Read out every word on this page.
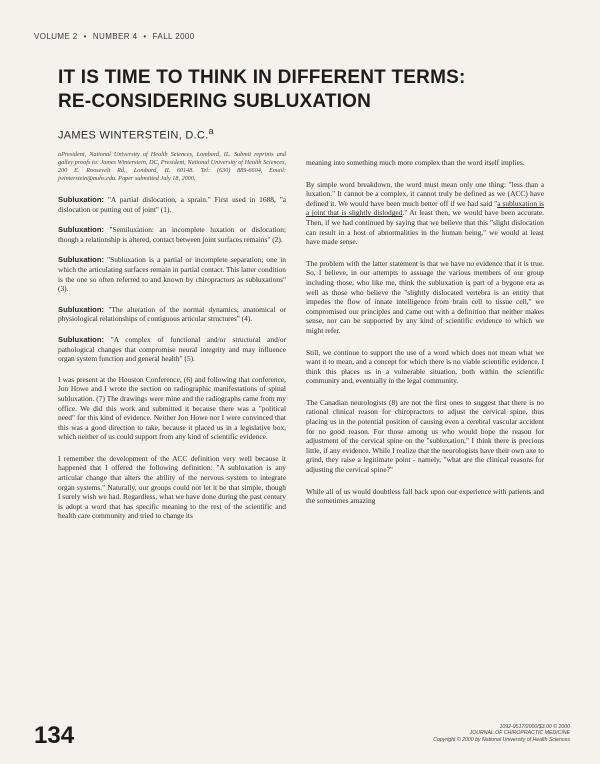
VOLUME 2 • NUMBER 4 • FALL 2000
IT IS TIME TO THINK IN DIFFERENT TERMS:
RE-CONSIDERING SUBLUXATION
JAMES WINTERSTEIN, D.C.$^a$

aPresident, National University of Health Sciences, Lombard, IL. Submit reprints and galley proofs to: James Winterstein, DC, President, National University of Health Sciences, 200 E. Roosevelt Rd., Lombard, IL 60148. Tel: (630) 889-6604, Email: jwinterstein@nuhs.edu. Paper submitted July 18, 2000.

Subluxation: "A partial dislocation, a sprain." First used in 1688, "a dislocation or putting out of joint" (1).

Subluxation: "Semiluxation: an incomplete luxation or dislocation; though a relationship is altered, contact between joint surfaces remains" (2).

Subluxation: "Subluxation is a partial or incomplete separation; one in which the articulating surfaces remain in partial contact. This latter condition is the one so often referred to and known by chiropractors as subluxations" (3).

Subluxation: "The alteration of the normal dynamics, anatomical or physiological relationships of contiguous articular structures" (4).

Subluxation: "A complex of functional and/or structural and/or pathological changes that compromise neural integrity and may influence organ system function and general health" (5).

I was present at the Houston Conference, (6) and following that conference, Jon Howe and I wrote the section on radiographic manifestations of spinal subluxation. (7) The drawings were mine and the radiographs came from my office. We did this work and submitted it because there was a "political need" for this kind of evidence. Neither Jon Howe nor I were convinced that this was a good direction to take, because it placed us in a legislative box, which neither of us could support from any kind of scientific evidence.

I remember the development of the ACC definition very well because it happened that I offered the following definition: "A subluxation is any articular change that alters the ability of the nervous system to integrate organ systems." Naturally, our groups could not let it be that simple, though I surely wish we had. Regardless, what we have done during the past century is adopt a word that has specific meaning to the rest of the scientific and health care community and tried to change its

meaning into something much more complex than the word itself implies.

By simple word breakdown, the word must mean only one thing: "less than a luxation." It cannot be a complex, it cannot truly be defined as we (ACC) have defined it. We would have been much better off if we had said "a subluxation is a joint that is slightly dislodged." At least then, we would have been accurate. Then, if we had continued by saying that we believe that this "slight dislocation can result in a host of abnormalities in the human being," we would at least have made sense.

The problem with the latter statement is that we have no evidence that it is true. So, I believe, in our attempts to assuage the various members of our group including those, who like me, think the subluxation is part of a bygone era as well as those who believe the "slightly dislocated vertebra is an entity that impedes the flow of innate intelligence from brain cell to tissue cell," we compromised our principles and came out with a definition that neither makes sense, nor can be supported by any kind of scientific evidence to which we might refer.

Still, we continue to support the use of a word which does not mean what we want it to mean, and a concept for which there is no viable scientific evidence. I think this places us in a vulnerable situation, both within the scientific community and, eventually in the legal community.

The Canadian neurologists (8) are not the first ones to suggest that there is no rational clinical reason for chiropractors to adjust the cervical spine, thus placing us in the potential position of causing even a cerebral vascular accident for no good reason. For those among us who would hope the reason for adjustment of the cervical spine on the "subluxation," I think there is precious little, if any evidence. While I realize that the neurologists have their own axe to grind, they raise a legitimate point - namely, "what are the clinical reasons for adjusting the cervical spine?"

While all of us would doubtless fall back upon our experience with patients and the sometimes amazing

134	1092-9517/2000/$3.00 © 2000
JOURNAL OF CHIROPRACTIC MEDICINE
Copyright © 2000 by National University of Health Sciences
